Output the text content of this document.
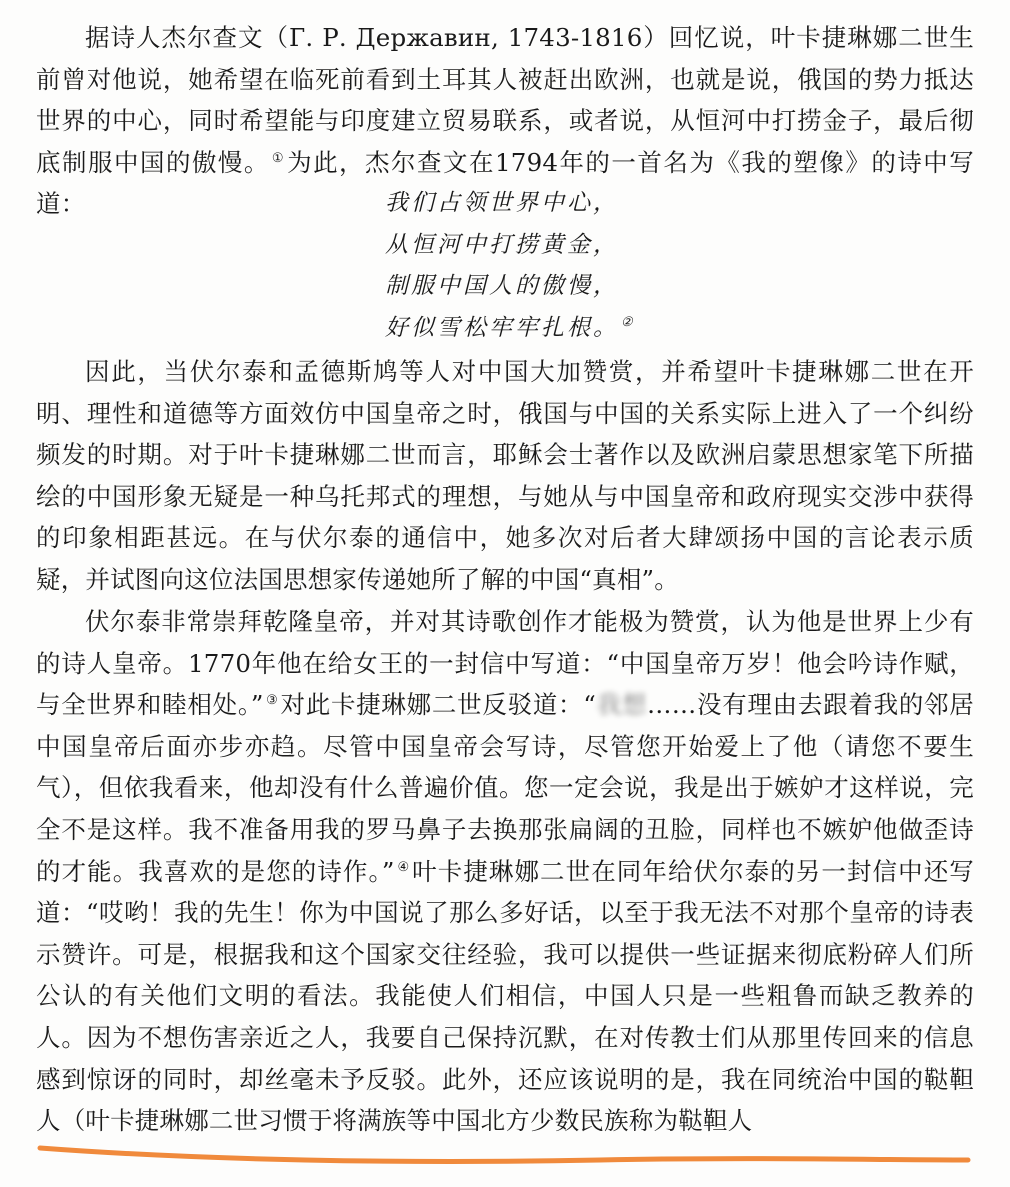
据诗人杰尔查文（Г. Р. Державин, 1743-1816）回忆说，叶卡捷琳娜二世生前曾对他说，她希望在临死前看到土耳其人被赶出欧洲，也就是说，俄国的势力抵达世界的中心，同时希望能与印度建立贸易联系，或者说，从恒河中打捞金子，最后彻底制服中国的傲慢。 ①为此，杰尔查文在1794年的一首名为《我的塑像》的诗中写道：	我们占领世界中心，
从恒河中打捞黄金，
制服中国人的傲慢，
好似雪松牢牢扎根。 ②

因此，当伏尔泰和孟德斯鸠等人对中国大加赞赏，并希望叶卡捷琳娜二世在开明、理性和道德等方面效仿中国皇帝之时，俄国与中国的关系实际上进入了一个纠纷频发的时期。对于叶卡捷琳娜二世而言，耶稣会士著作以及欧洲启蒙思想家笔下所描绘的中国形象无疑是一种乌托邦式的理想，与她从与中国皇帝和政府现实交涉中获得的印象相距甚远。在与伏尔泰的通信中，她多次对后者大肆颂扬中国的言论表示质疑，并试图向这位法国思想家传递她所了解的中国“真相”。

伏尔泰非常崇拜乾隆皇帝，并对其诗歌创作才能极为赞赏，认为他是世界上少有的诗人皇帝。1770年他在给女王的一封信中写道：“中国皇帝万岁！他会吟诗作赋，与全世界和睦相处。” ③对此卡捷琳娜二世反驳道：“我想……没有理由去跟着我的邻居中国皇帝后面亦步亦趋。尽管中国皇帝会写诗，尽管您开始爱上了他（请您不要生气），但依我看来，他却没有什么普遍价值。您一定会说，我是出于嫉妒才这样说，完全不是这样。我不准备用我的罗马鼻子去换那张扁阔的丑脸，同样也不嫉妒他做歪诗的才能。我喜欢的是您的诗作。” ④叶卡捷琳娜二世在同年给伏尔泰的另一封信中还写道：“哎哟！我的先生！你为中国说了那么多好话，以至于我无法不对那个皇帝的诗表示赞许。可是，根据我和这个国家交往经验，我可以提供一些证据来彻底粉碎人们所公认的有关他们文明的看法。我能使人们相信，中国人只是一些粗鲁而缺乏教养的人。因为不想伤害亲近之人，我要自己保持沉默，在对传教士们从那里传回来的信息感到惊讶的同时，却丝毫未予反驳。此外，还应该说明的是，我在同统治中国的鞑靼人（叶卡捷琳娜二世习惯于将满族等中国北方少数民族称为鞑靼人
